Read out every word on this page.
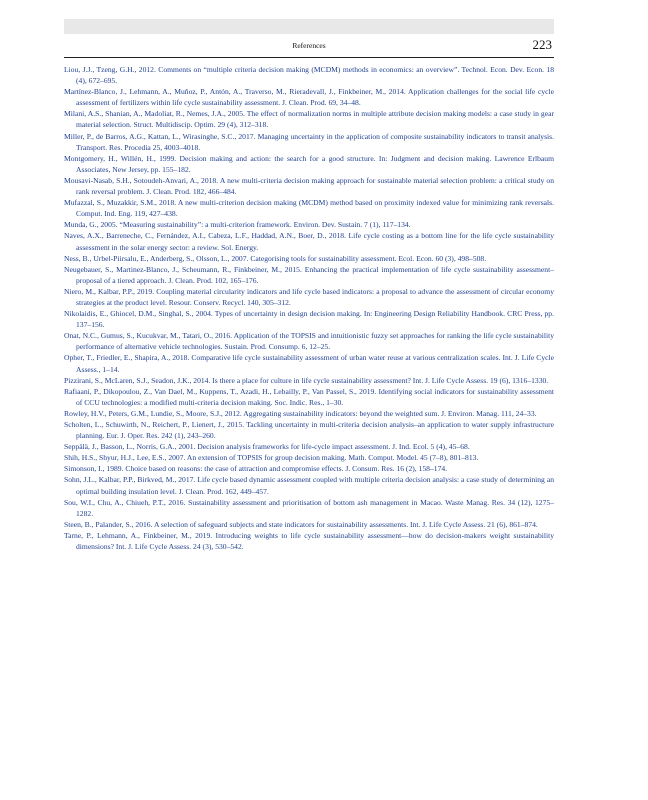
References	223
Liou, J.J., Tzeng, G.H., 2012. Comments on “multiple criteria decision making (MCDM) methods in economics: an overview”. Technol. Econ. Dev. Econ. 18 (4), 672–695.
Martínez-Blanco, J., Lehmann, A., Muñoz, P., Antón, A., Traverso, M., Rieradevall, J., Finkbeiner, M., 2014. Application challenges for the social life cycle assessment of fertilizers within life cycle sustainability assessment. J. Clean. Prod. 69, 34–48.
Milani, A.S., Shanian, A., Madoliat, R., Nemes, J.A., 2005. The effect of normalization norms in multiple attribute decision making models: a case study in gear material selection. Struct. Multidiscip. Optim. 29 (4), 312–318.
Miller, P., de Barros, A.G., Kattan, L., Wirasinghe, S.C., 2017. Managing uncertainty in the application of composite sustainability indicators to transit analysis. Transport. Res. Procedia 25, 4003–4018.
Montgomery, H., Willén, H., 1999. Decision making and action: the search for a good structure. In: Judgment and decision making. Lawrence Erlbaum Associates, New Jersey, pp. 155–182.
Mousavi-Nasab, S.H., Sotoudeh-Anvari, A., 2018. A new multi-criteria decision making approach for sustainable material selection problem: a critical study on rank reversal problem. J. Clean. Prod. 182, 466–484.
Mufazzal, S., Muzakkir, S.M., 2018. A new multi-criterion decision making (MCDM) method based on proximity indexed value for minimizing rank reversals. Comput. Ind. Eng. 119, 427–438.
Munda, G., 2005. “Measuring sustainability”: a multi-criterion framework. Environ. Dev. Sustain. 7 (1), 117–134.
Naves, A.X., Barreneche, C., Fernández, A.I., Cabeza, L.F., Haddad, A.N., Boer, D., 2018. Life cycle costing as a bottom line for the life cycle sustainability assessment in the solar energy sector: a review. Sol. Energy.
Ness, B., Urbel-Piirsalu, E., Anderberg, S., Olsson, L., 2007. Categorising tools for sustainability assessment. Ecol. Econ. 60 (3), 498–508.
Neugebauer, S., Martinez-Blanco, J., Scheumann, R., Finkbeiner, M., 2015. Enhancing the practical implementation of life cycle sustainability assessment–proposal of a tiered approach. J. Clean. Prod. 102, 165–176.
Niero, M., Kalbar, P.P., 2019. Coupling material circularity indicators and life cycle based indicators: a proposal to advance the assessment of circular economy strategies at the product level. Resour. Conserv. Recycl. 140, 305–312.
Nikolaidis, E., Ghiocel, D.M., Singhal, S., 2004. Types of uncertainty in design decision making. In: Engineering Design Reliability Handbook. CRC Press, pp. 137–156.
Onat, N.C., Gumus, S., Kucukvar, M., Tatari, O., 2016. Application of the TOPSIS and intuitionistic fuzzy set approaches for ranking the life cycle sustainability performance of alternative vehicle technologies. Sustain. Prod. Consump. 6, 12–25.
Opher, T., Friedler, E., Shapira, A., 2018. Comparative life cycle sustainability assessment of urban water reuse at various centralization scales. Int. J. Life Cycle Assess., 1–14.
Pizzirani, S., McLaren, S.J., Seadon, J.K., 2014. Is there a place for culture in life cycle sustainability assessment? Int. J. Life Cycle Assess. 19 (6), 1316–1330.
Rafiaani, P., Dikopoulou, Z., Van Dael, M., Kuppens, T., Azadi, H., Lebailly, P., Van Passel, S., 2019. Identifying social indicators for sustainability assessment of CCU technologies: a modified multi-criteria decision making. Soc. Indic. Res., 1–30.
Rowley, H.V., Peters, G.M., Lundie, S., Moore, S.J., 2012. Aggregating sustainability indicators: beyond the weighted sum. J. Environ. Manag. 111, 24–33.
Scholten, L., Schuwirth, N., Reichert, P., Lienert, J., 2015. Tackling uncertainty in multi-criteria decision analysis–an application to water supply infrastructure planning. Eur. J. Oper. Res. 242 (1), 243–260.
Seppälä, J., Basson, L., Norris, G.A., 2001. Decision analysis frameworks for life-cycle impact assessment. J. Ind. Ecol. 5 (4), 45–68.
Shih, H.S., Shyur, H.J., Lee, E.S., 2007. An extension of TOPSIS for group decision making. Math. Comput. Model. 45 (7–8), 801–813.
Simonson, I., 1989. Choice based on reasons: the case of attraction and compromise effects. J. Consum. Res. 16 (2), 158–174.
Sohn, J.L., Kalbar, P.P., Birkved, M., 2017. Life cycle based dynamic assessment coupled with multiple criteria decision analysis: a case study of determining an optimal building insulation level. J. Clean. Prod. 162, 449–457.
Sou, W.I., Chu, A., Chiueh, P.T., 2016. Sustainability assessment and prioritisation of bottom ash management in Macao. Waste Manag. Res. 34 (12), 1275–1282.
Steen, B., Palander, S., 2016. A selection of safeguard subjects and state indicators for sustainability assessments. Int. J. Life Cycle Assess. 21 (6), 861–874.
Tarne, P., Lehmann, A., Finkbeiner, M., 2019. Introducing weights to life cycle sustainability assessment—how do decision-makers weight sustainability dimensions? Int. J. Life Cycle Assess. 24 (3), 530–542.
